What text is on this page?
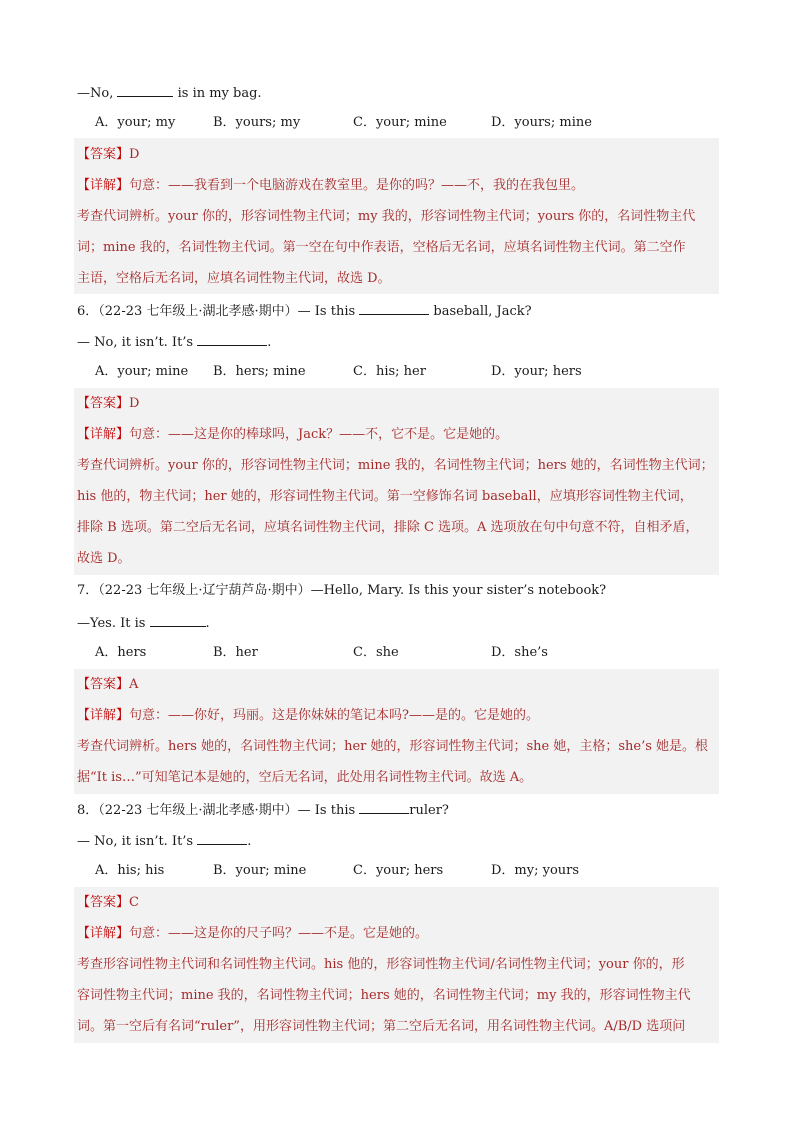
—No,	is in my bag.
A．your; my	B．yours; my	C．your; mine	D．yours; mine
【答案】D
【详解】句意：——我看到一个电脑游戏在教室里。是你的吗？——不，我的在我包里。
考查代词辨析。your 你的，形容词性物主代词；my 我的，形容词性物主代词；yours 你的，名词性物主代
词；mine 我的，名词性物主代词。第一空在句中作表语，空格后无名词，应填名词性物主代词。第二空作
主语，空格后无名词，应填名词性物主代词，故选 D。
6．（22-23 七年级上·湖北孝感·期中）— Is this	baseball, Jack?
— No, it isn’t. It’s	.
A．your; mine B．hers; mine	C．his; her	D．your; hers
【答案】D
【详解】句意：——这是你的棒球吗，Jack？——不，它不是。它是她的。
考查代词辨析。your 你的，形容词性物主代词；mine 我的，名词性物主代词；hers 她的，名词性物主代词；
his 他的，物主代词；her 她的，形容词性物主代词。第一空修饰名词 baseball，应填形容词性物主代词，
排除 B 选项。第二空后无名词，应填名词性物主代词，排除 C 选项。A 选项放在句中句意不符，自相矛盾，
故选 D。
7．（22-23 七年级上·辽宁葫芦岛·期中）—Hello, Mary. Is this your sister’s notebook?
—Yes. It is	.
A．hers	B．her	C．she	D．she’s
【答案】A
【详解】句意：——你好，玛丽。这是你妹妹的笔记本吗?——是的。它是她的。
考查代词辨析。hers 她的，名词性物主代词；her 她的，形容词性物主代词；she 她，主格；she’s 她是。根
据“It is…”可知笔记本是她的，空后无名词，此处用名词性物主代词。故选 A。
8．（22-23 七年级上·湖北孝感·期中）— Is this	ruler?
— No, it isn’t. It’s	.
A．his; his	B．your; mine	C．your; hers	D．my; yours
【答案】C
【详解】句意：——这是你的尺子吗？——不是。它是她的。
考查形容词性物主代词和名词性物主代词。his 他的，形容词性物主代词/名词性物主代词；your 你的，形
容词性物主代词；mine 我的，名词性物主代词；hers 她的，名词性物主代词；my 我的，形容词性物主代
词。第一空后有名词“ruler”，用形容词性物主代词；第二空后无名词，用名词性物主代词。A/B/D 选项问
